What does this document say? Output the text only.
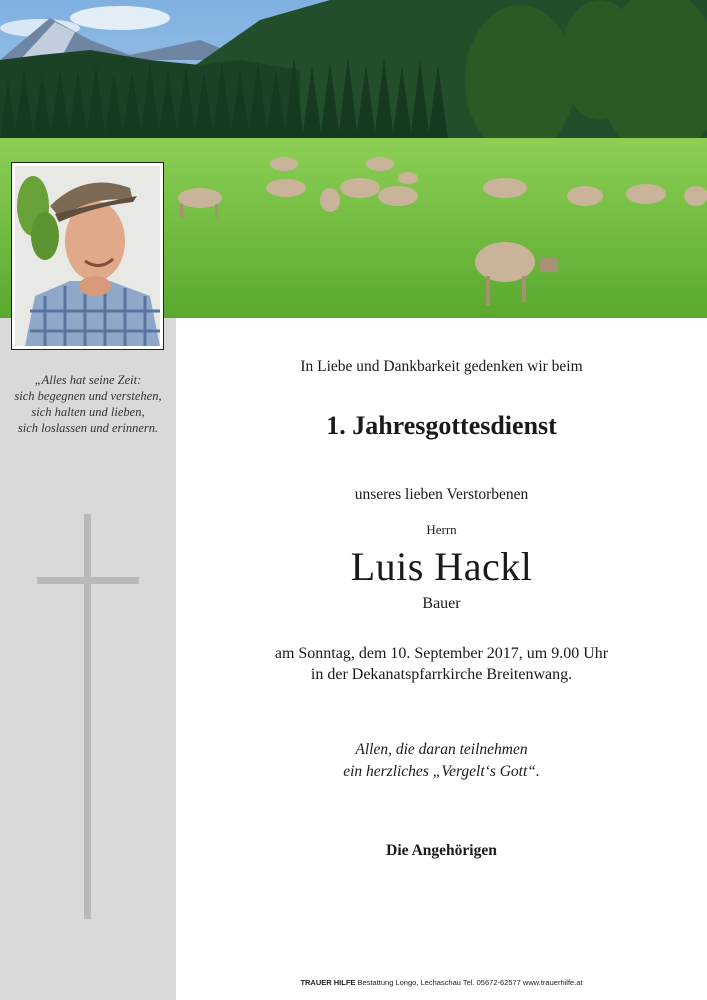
„Alles hat seine Zeit:
sich begegnen und verstehen,
sich halten und lieben,
sich loslassen und erinnern.
In Liebe und Dankbarkeit gedenken wir beim
1. Jahresgottesdienst
unseres lieben Verstorbenen
Herrn
Luis Hackl
Bauer
am Sonntag, dem 10. September 2017, um 9.00 Uhr
in der Dekanatspfarrkirche Breitenwang.
Allen, die daran teilnehmen
ein herzliches „Vergelt‘s Gott“.
Die Angehörigen
TRAUER HILFE Bestattung Longo, Lechaschau Tel. 05672-62577 www.trauerhilfe.at
